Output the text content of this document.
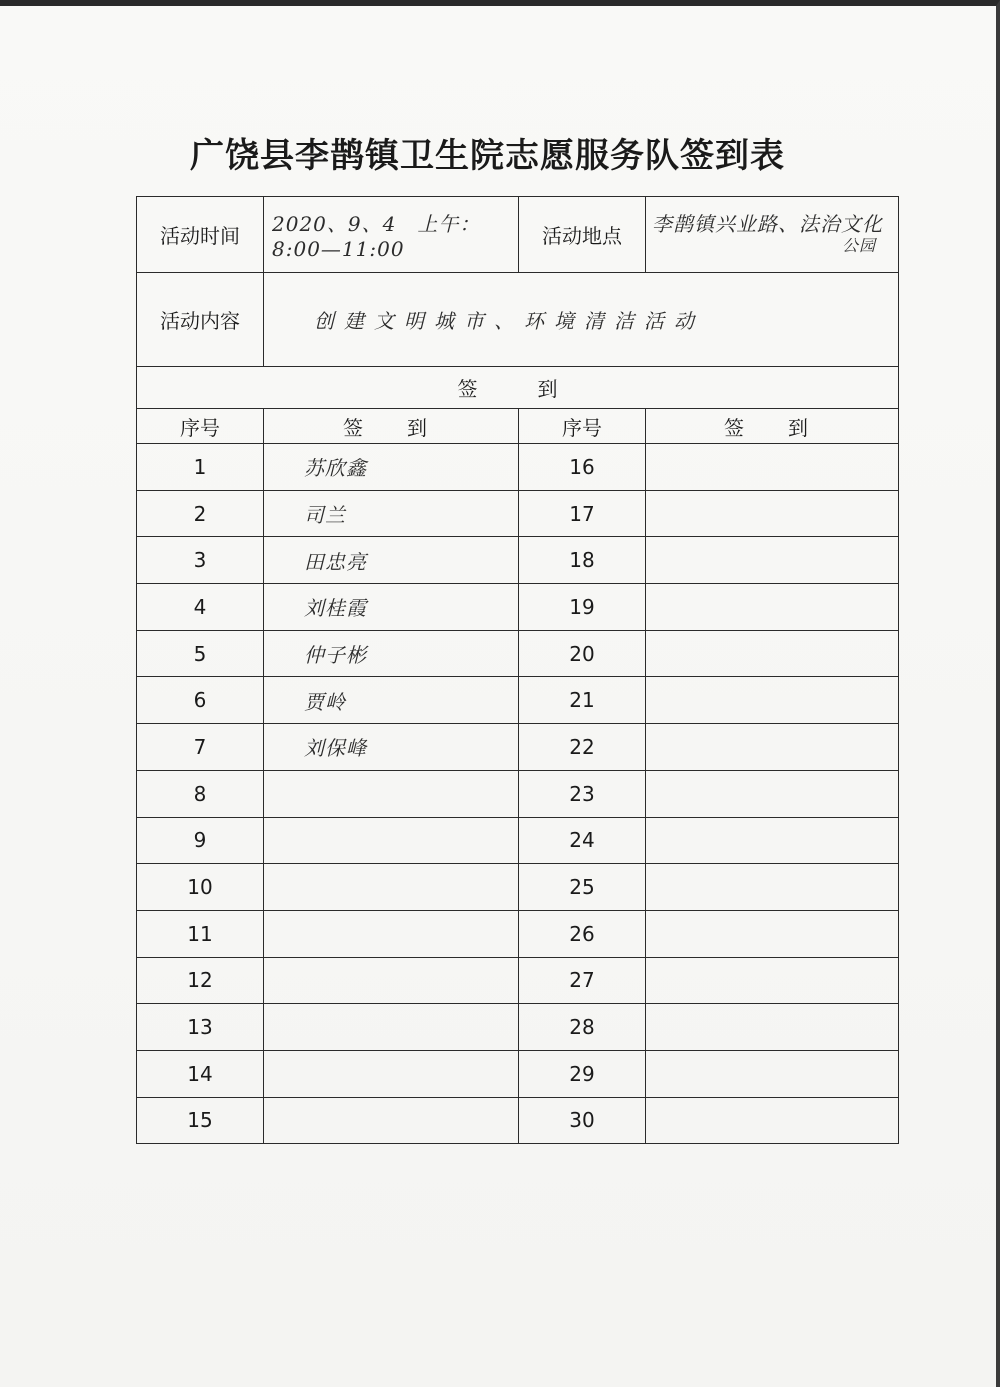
广饶县李鹊镇卫生院志愿服务队签到表
活动时间	2020、9、4　上午：8:00—11:00	活动地点	李鹊镇兴业路、法治文化
公园

活动内容	创建文明城市、环境清洁活动		
签　到			
序号	签　到	序号	签　到
1	苏欣鑫	16	
2	司兰	17	
3	田忠亮	18	
4	刘桂霞	19	
5	仲子彬	20	
6	贾岭	21	
7	刘保峰	22	
8		23	
9		24	
10		25	
11		26	
12		27	
13		28	
14		29	
15		30	
